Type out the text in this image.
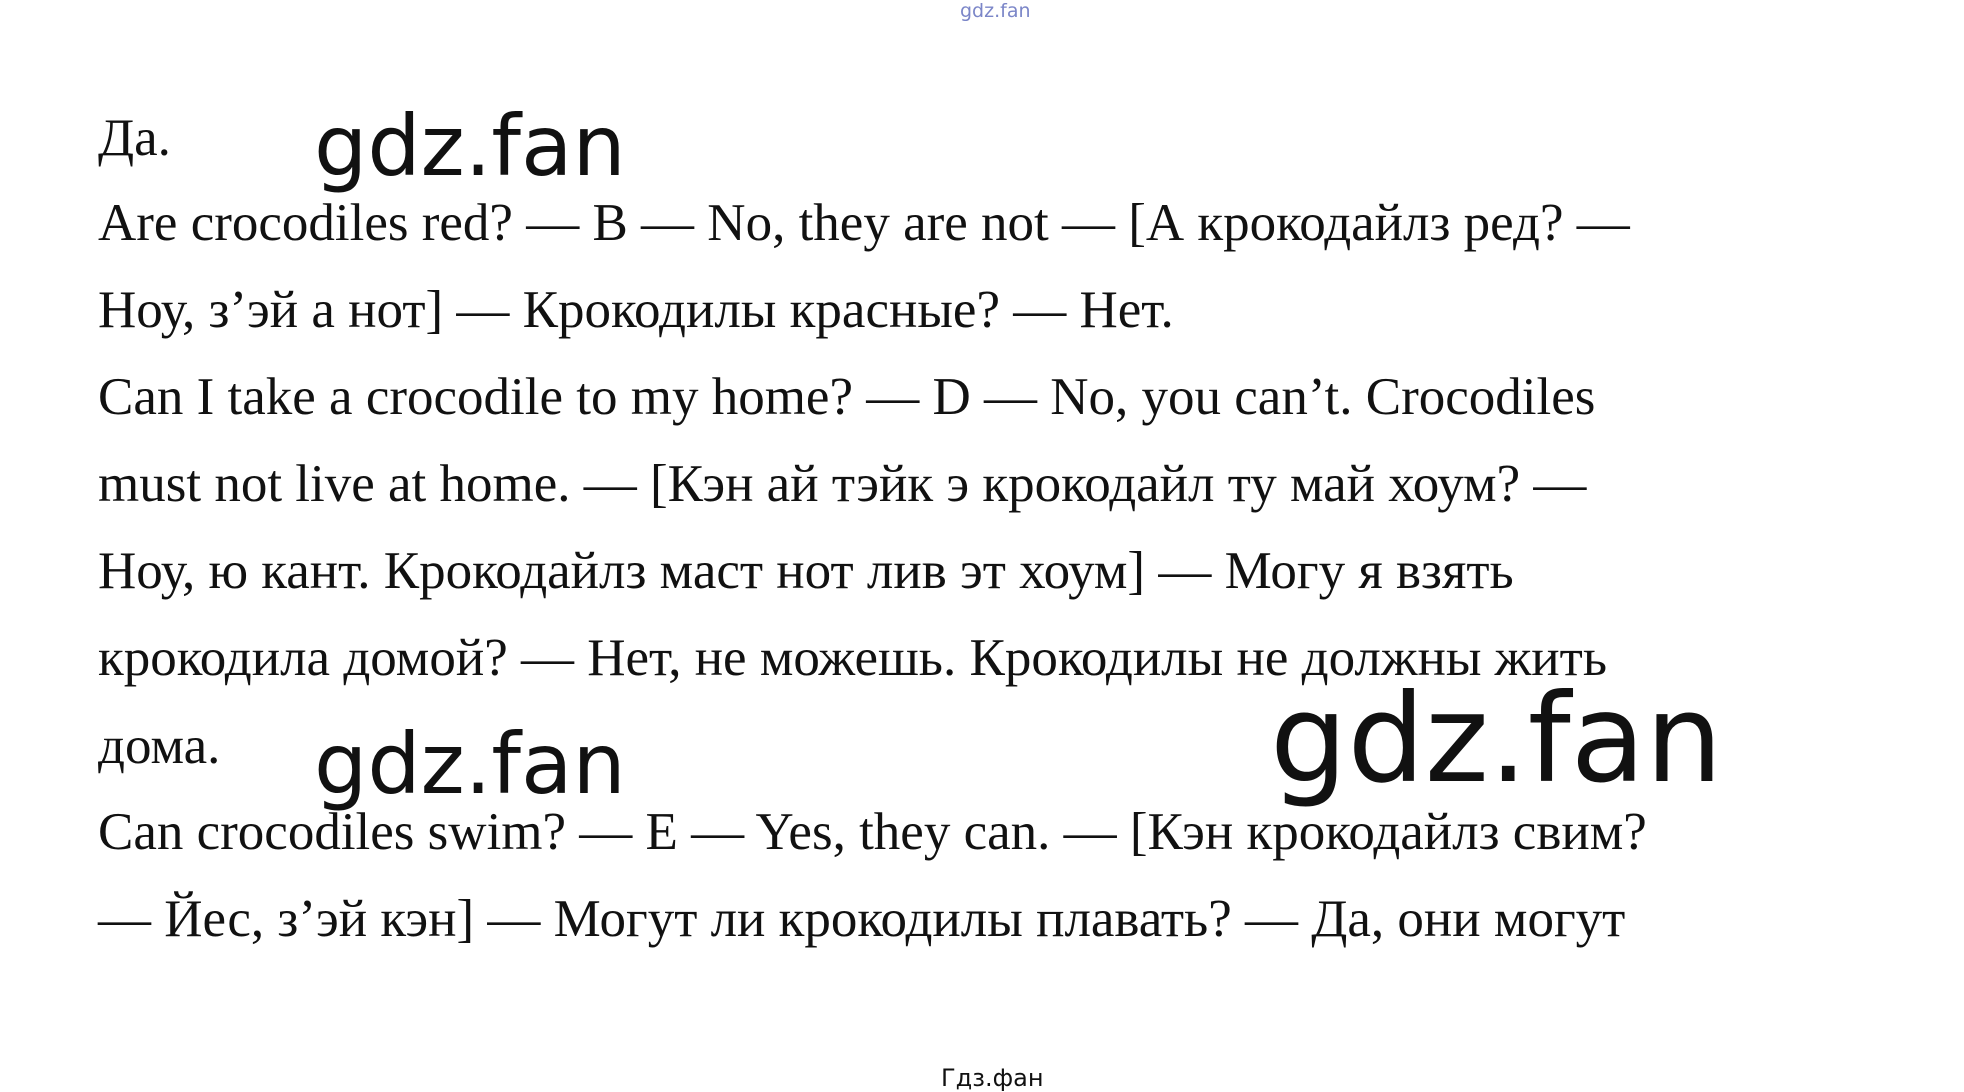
gdz.fan
Да.
Are crocodiles red? — B — No, they are not — [А крокодайлз ред? —
Ноу, з’эй а нот] — Крокодилы красные? — Нет.
Can I take a crocodile to my home? — D — No, you can’t. Crocodiles
must not live at home. — [Кэн ай тэйк э крокодайл ту май хоум? —
Ноу, ю кант. Крокодайлз маст нот лив эт хоум] — Могу я взять
крокодила домой? — Нет, не можешь. Крокодилы не должны жить
дома.
Can crocodiles swim? — E — Yes, they can. — [Кэн крокодайлз свим?
— Йес, з’эй кэн] — Могут ли крокодилы плавать? — Да, они могут
gdz.fan
gdz.fan	gdz.fan
Гдз.фан
